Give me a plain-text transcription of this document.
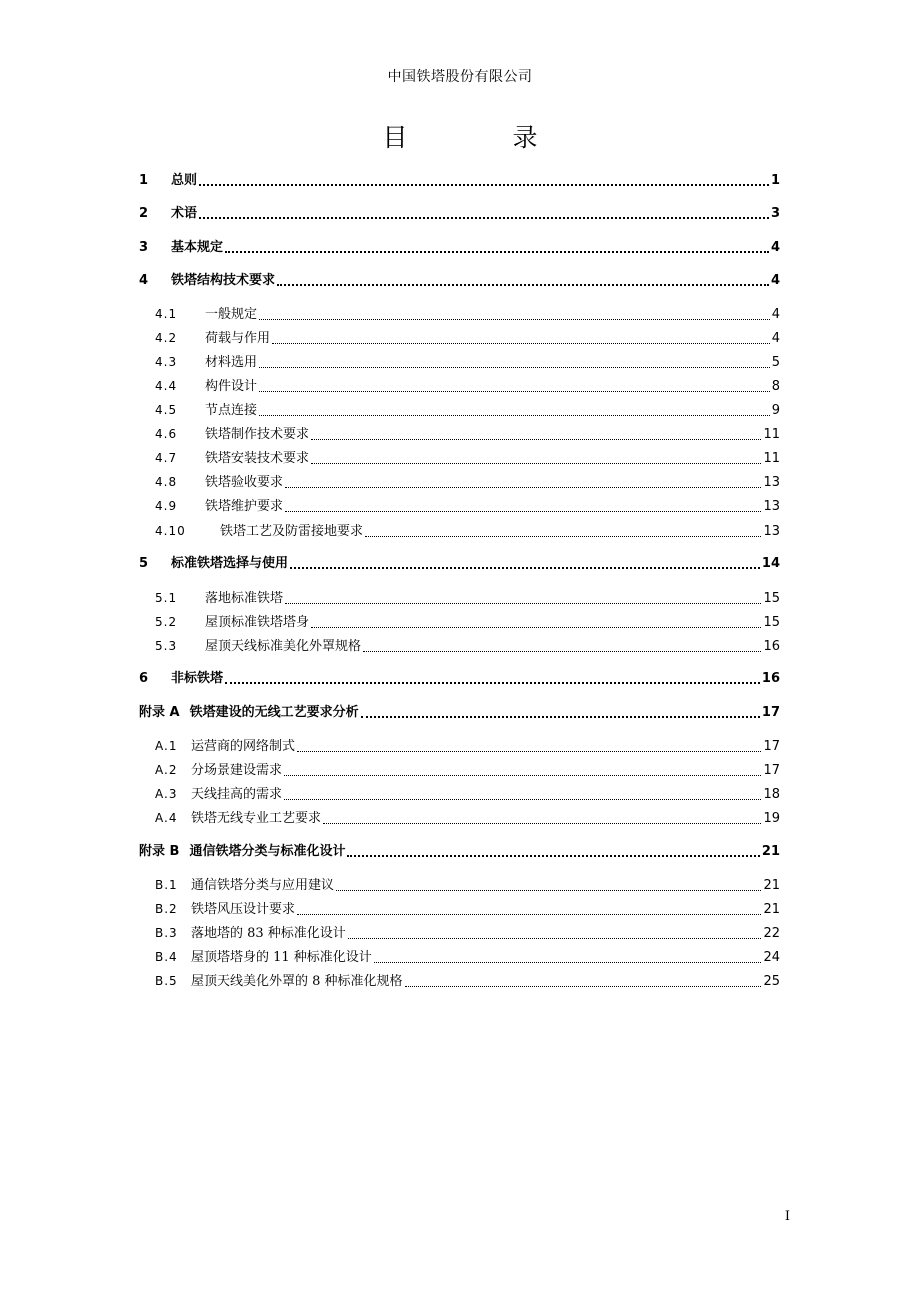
中国铁塔股份有限公司
目　录
1	总则	1
2	术语	3
3	基本规定	4
4	铁塔结构技术要求	4
4.1	一般规定	4
4.2	荷载与作用	4
4.3	材料选用	5
4.4	构件设计	8
4.5	节点连接	9
4.6	铁塔制作技术要求	11
4.7	铁塔安装技术要求	11
4.8	铁塔验收要求	13
4.9	铁塔维护要求	13
4.10	铁塔工艺及防雷接地要求	13
5	标准铁塔选择与使用	14
5.1	落地标准铁塔	15
5.2	屋顶标准铁塔塔身	15
5.3	屋顶天线标准美化外罩规格	16
6	非标铁塔	16
附录 A 铁塔建设的无线工艺要求分析	17
A.1	运营商的网络制式	17
A.2	分场景建设需求	17
A.3	天线挂高的需求	18
A.4	铁塔无线专业工艺要求	19
附录 B 通信铁塔分类与标准化设计	21
B.1	通信铁塔分类与应用建议	21
B.2	铁塔风压设计要求	21
B.3	落地塔的 83 种标准化设计	22
B.4	屋顶塔塔身的 11 种标准化设计	24
B.5	屋顶天线美化外罩的 8 种标准化规格	25
I
